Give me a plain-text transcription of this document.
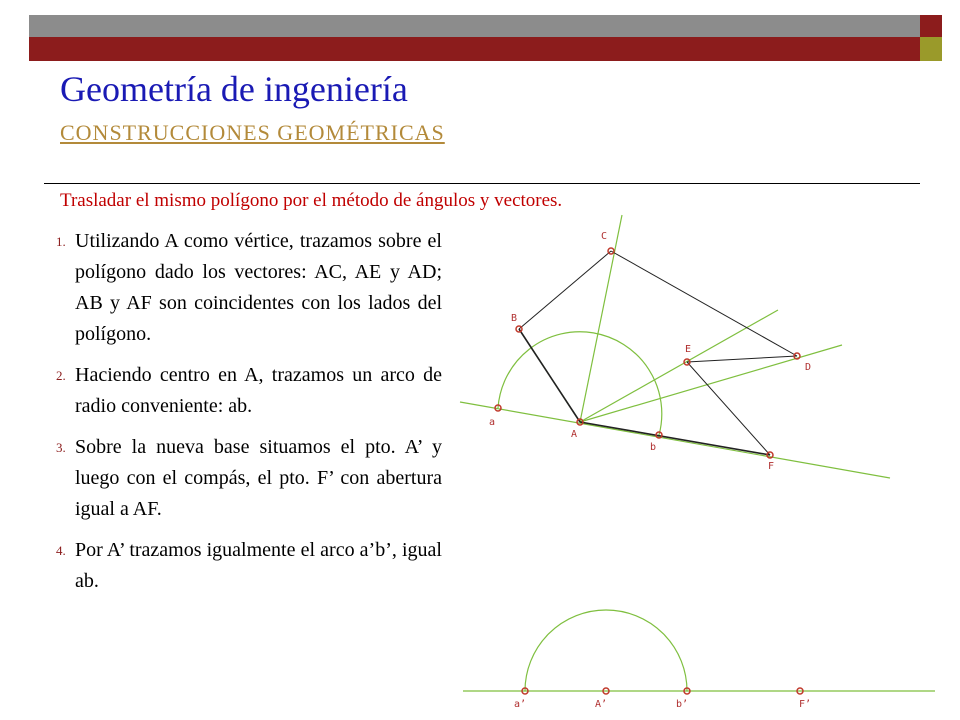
Geometría de ingeniería
CONSTRUCCIONES GEOMÉTRICAS
Trasladar el mismo polígono por el método de ángulos y vectores.
1. Utilizando A como vértice, trazamos sobre el polígono dado los vectores: AC, AE y AD; AB y AF son coincidentes con los lados del polígono.
2. Haciendo centro en A, trazamos un arco de radio conveniente: ab.
3. Sobre la nueva base situamos el pto. A’ y luego con el compás, el pto. F’ con abertura igual a AF.
4. Por A’ trazamos igualmente el arco a’b’, igual ab.
C
B
E
D
a
A
b
F
a’	A’	b’	F’
